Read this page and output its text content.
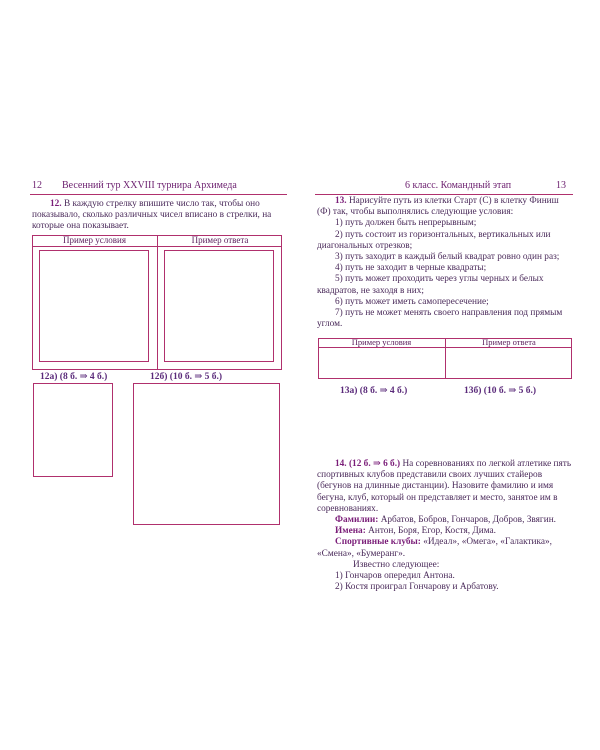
12 Весенний тур XXVIII турнира Архимеда	6 класс. Командный этап	13
12. В каждую стрелку впишите число так, чтобы оно показывало, сколько различных чисел вписано в стрелки, на которые она показывает.
Пример условия	Пример ответа
3	2	2	2
2	1	1	1
2	2	1	2
2	2	2	2
12а) (8 б. ⇒ 4 б.)	12б) (10 б. ⇒ 5 б.)
13. Нарисуйте путь из клетки Старт (С) в клетку Финиш (Ф) так, чтобы выполнялись следующие условия:
1) путь должен быть непрерывным;
2) путь состоит из горизонтальных, вертикальных или диагональных отрезков;
3) путь заходит в каждый белый квадрат ровно один раз;
4) путь не заходит в черные квадраты;
5) путь может проходить через углы черных и белых квадратов, не заходя в них;
6) путь может иметь самопересечение;
7) путь не может менять своего направления под прямым углом.
Пример условия	Пример ответа
С
Ф
С
Ф
13а) (8 б. ⇒ 4 б.)	13б) (10 б. ⇒ 5 б.)
С
Ф
С
Ф
14. (12 б. ⇒ 6 б.) На соревнованиях по легкой атлетике пять спортивных клубов представили своих лучших стайеров (бегунов на длинные дистанции). Назовите фамилию и имя бегуна, клуб, который он представляет и место, занятое им в соревнованиях.
Фамилии: Арбатов, Бобров, Гончаров, Добров, Звягин.
Имена: Антон, Боря, Егор, Костя, Дима.
Спортивные клубы: «Идеал», «Омега», «Галактика», «Смена», «Бумеранг».
Известно следующее:
1) Гончаров опередил Антона.
2) Костя проиграл Гончарову и Арбатову.
